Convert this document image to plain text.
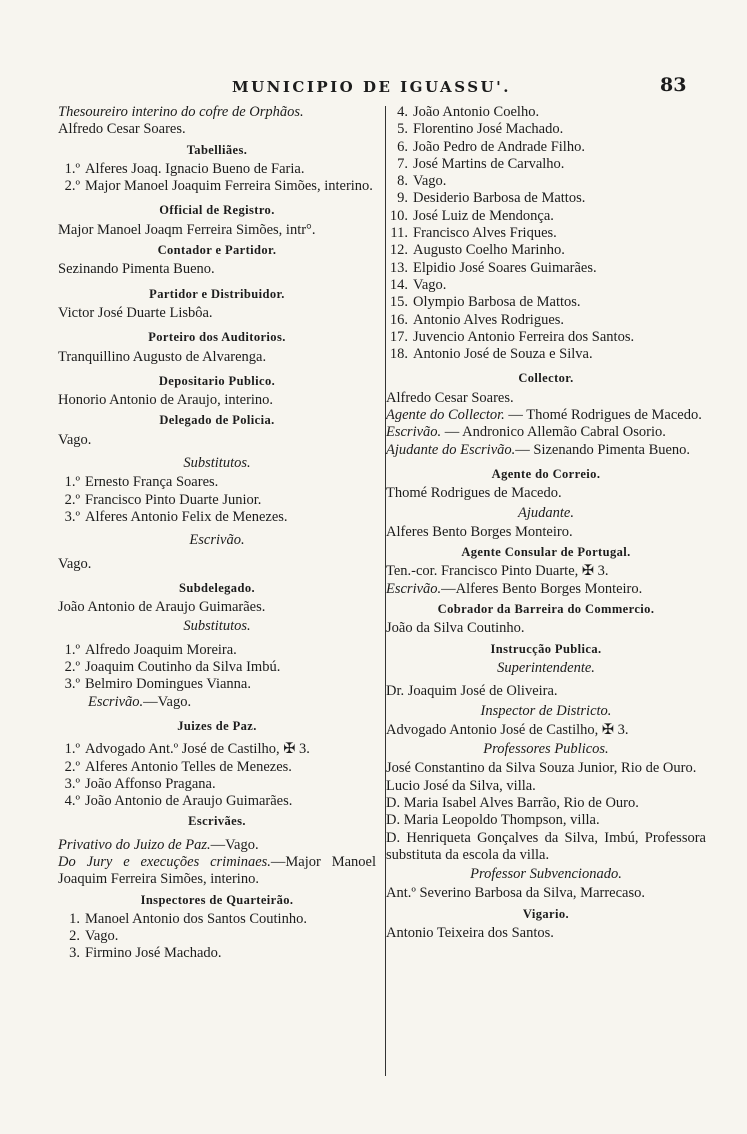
MUNICIPIO DE IGUASSU'.	83
Thesoureiro interino do cofre de Orphãos.
Alfredo Cesar Soares.
Tabelliães.
1.º Alferes Joaq. Ignacio Bueno de Faria.
2.º Major Manoel Joaquim Ferreira Simões, interino.
Official de Registro.
Major Manoel Joaqm Ferreira Simões, intr°.
Contador e Partidor.
Sezinando Pimenta Bueno.
Partidor e Distribuidor.
Victor José Duarte Lisbôa.
Porteiro dos Auditorios.
Tranquillino Augusto de Alvarenga.
Depositario Publico.
Honorio Antonio de Araujo, interino.
Delegado de Policia.
Vago.
Substitutos.
1.º Ernesto França Soares.
2.º Francisco Pinto Duarte Junior.
3.º Alferes Antonio Felix de Menezes.
Escrivão.
Vago.
Subdelegado.
João Antonio de Araujo Guimarães.
Substitutos.
1.º Alfredo Joaquim Moreira.
2.º Joaquim Coutinho da Silva Imbú.
3.º Belmiro Domingues Vianna.
Escrivão.—Vago.
Juizes de Paz.
1.º Advogado Ant.º José de Castilho, ✠ 3.
2.º Alferes Antonio Telles de Menezes.
3.º João Affonso Pragana.
4.º João Antonio de Araujo Guimarães.
Escrivães.
Privativo do Juizo de Paz.—Vago.
Do Jury e execuções criminaes.—Major Manoel Joaquim Ferreira Simões, interino.
Inspectores de Quarteirão.
1. Manoel Antonio dos Santos Coutinho.
2. Vago.
3. Firmino José Machado.
4. João Antonio Coelho.
5. Florentino José Machado.
6. João Pedro de Andrade Filho.
7. José Martins de Carvalho.
8. Vago.
9. Desiderio Barbosa de Mattos.
10. José Luiz de Mendonça.
11. Francisco Alves Friques.
12. Augusto Coelho Marinho.
13. Elpidio José Soares Guimarães.
14. Vago.
15. Olympio Barbosa de Mattos.
16. Antonio Alves Rodrigues.
17. Juvencio Antonio Ferreira dos Santos.
18. Antonio José de Souza e Silva.
Collector.
Alfredo Cesar Soares.
Agente do Collector. — Thomé Rodrigues de Macedo.
Escrivão. — Andronico Allemão Cabral Osorio.
Ajudante do Escrivão.— Sizenando Pimenta Bueno.
Agente do Correio.
Thomé Rodrigues de Macedo.
Ajudante.
Alferes Bento Borges Monteiro.
Agente Consular de Portugal.
Ten.-cor. Francisco Pinto Duarte, ✠ 3.
Escrivão.—Alferes Bento Borges Monteiro.
Cobrador da Barreira do Commercio.
João da Silva Coutinho.
Instrucção Publica.
Superintendente.
Dr. Joaquim José de Oliveira.
Inspector de Districto.
Advogado Antonio José de Castilho, ✠ 3.
Professores Publicos.
José Constantino da Silva Souza Junior, Rio de Ouro.
Lucio José da Silva, villa.
D. Maria Isabel Alves Barrão, Rio de Ouro.
D. Maria Leopoldo Thompson, villa.
D. Henriqueta Gonçalves da Silva, Imbú, Professora substituta da escola da villa.
Professor Subvencionado.
Ant.º Severino Barbosa da Silva, Marrecaso.
Vigario.
Antonio Teixeira dos Santos.
